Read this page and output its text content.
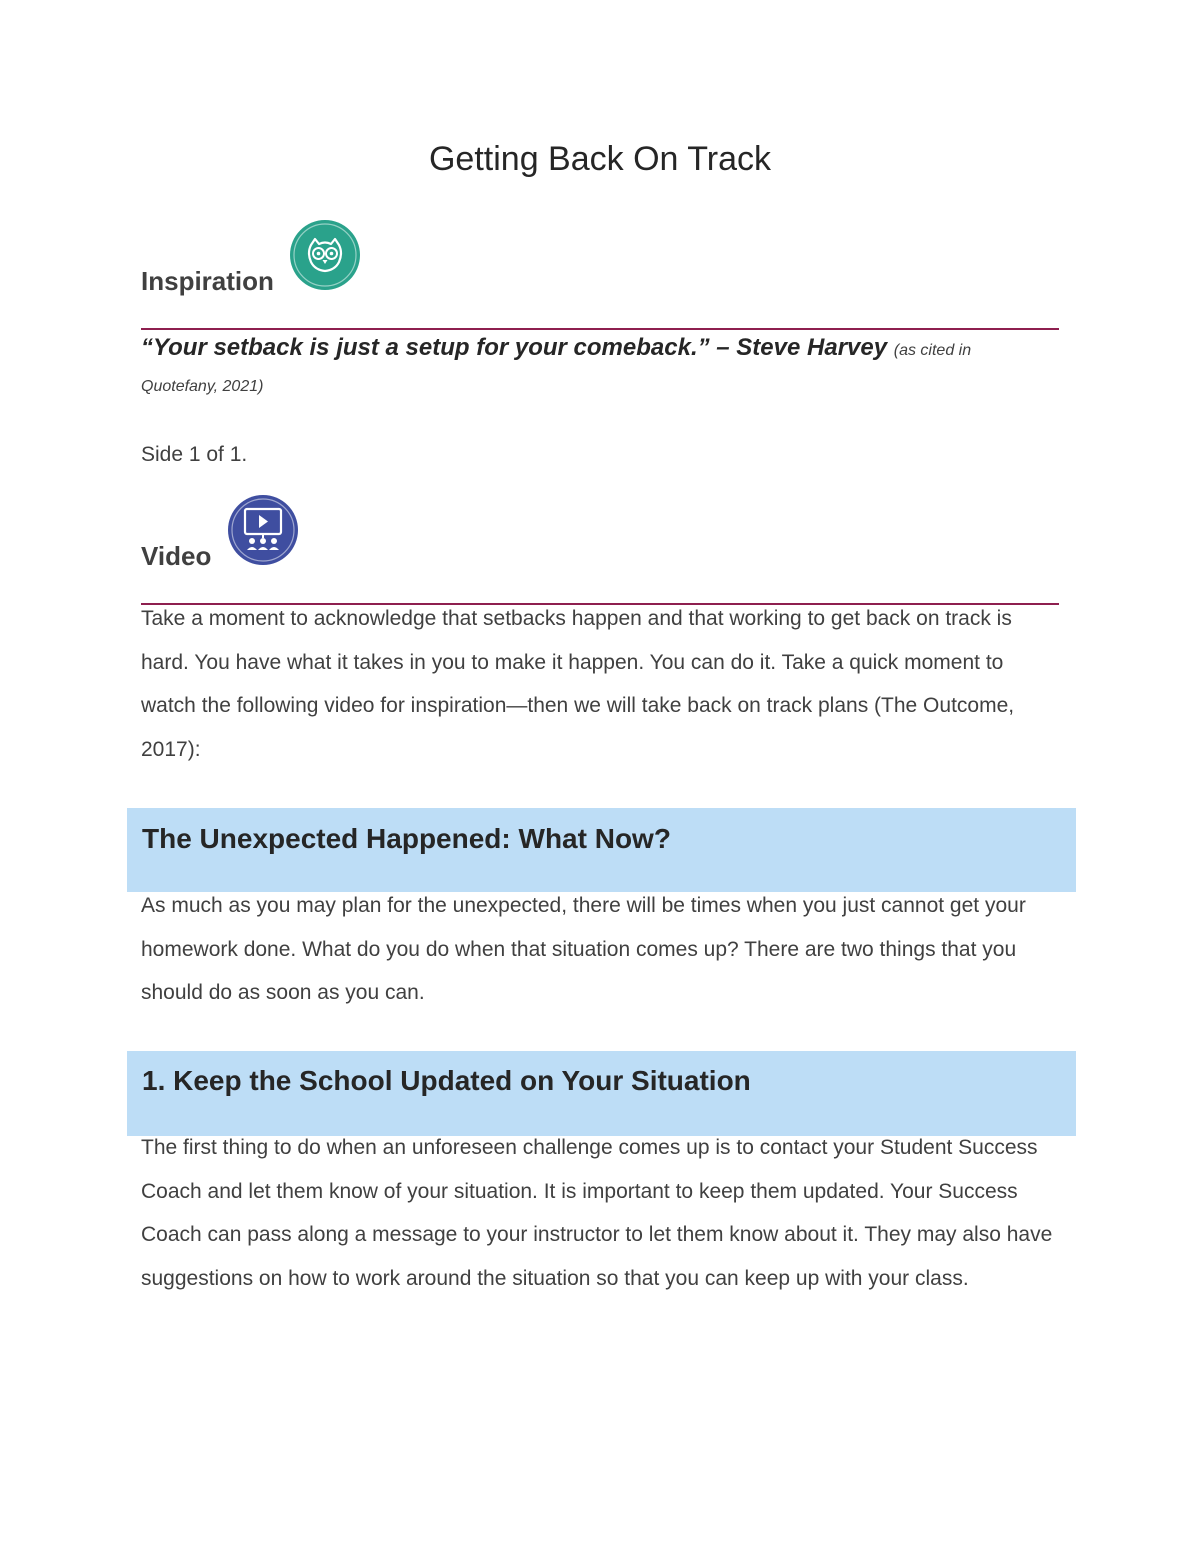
Getting Back On Track
Inspiration
“Your setback is just a setup for your comeback.” – Steve Harvey (as cited in
Quotefany, 2021)
Side 1 of 1.
Video

Take a moment to acknowledge that setbacks happen and that working to get back on track is hard. You have what it takes in you to make it happen. You can do it. Take a quick moment to watch the following video for inspiration—then we will take back on track plans (The Outcome, 2017):

The Unexpected Happened: What Now?

As much as you may plan for the unexpected, there will be times when you just cannot get your homework done. What do you do when that situation comes up? There are two things that you should do as soon as you can.

1. Keep the School Updated on Your Situation

The first thing to do when an unforeseen challenge comes up is to contact your Student Success Coach and let them know of your situation. It is important to keep them updated. Your Success Coach can pass along a message to your instructor to let them know about it. They may also have suggestions on how to work around the situation so that you can keep up with your class.
